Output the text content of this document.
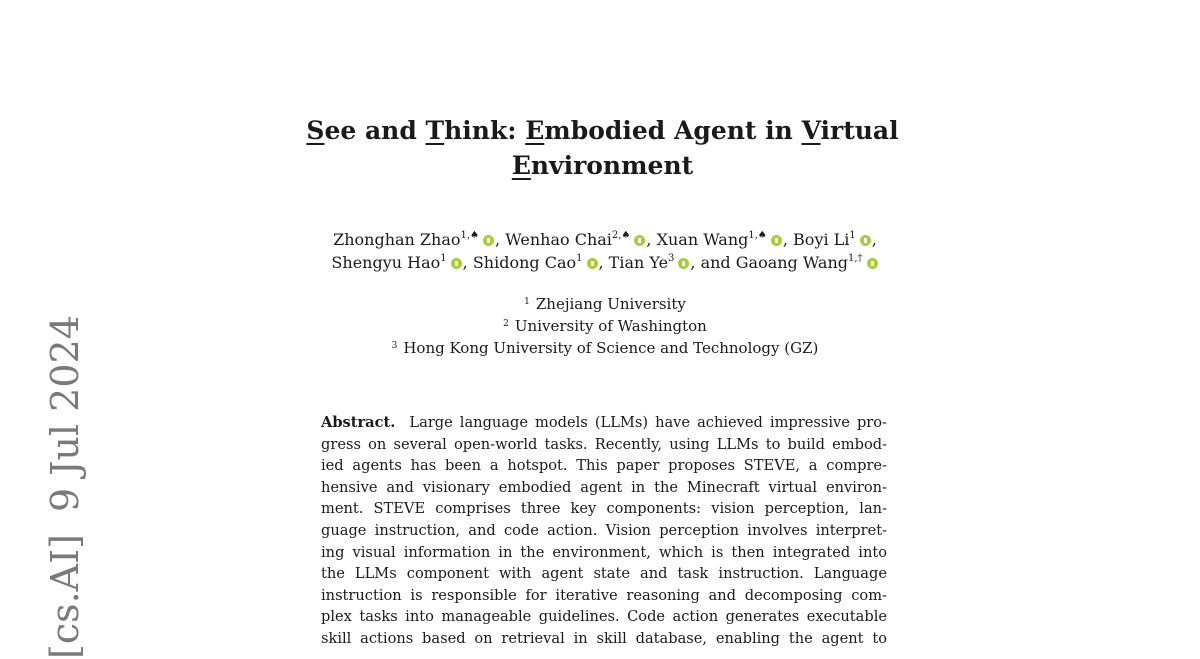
[cs.AI]9 Jul 2024
See and Think: Embodied Agent in Virtual
Environment
Zhonghan Zhao$^{1,♠}$ , Wenhao Chai$^{2,♠}$ , Xuan Wang$^{1,♠}$ , Boyi Li$^1$ ,
Shengyu Hao$^1$ , Shidong Cao$^1$ , Tian Ye$^3$ , and Gaoang Wang$^{1,\dagger}$
$^1$ Zhejiang University
$^2$ University of Washington
$^3$ Hong Kong University of Science and Technology (GZ)
Abstract. Large language models (LLMs) have achieved impressive pro-
gress on several open-world tasks. Recently, using LLMs to build embod-
ied agents has been a hotspot. This paper proposes STEVE, a compre-
hensive and visionary embodied agent in the Minecraft virtual environ-
ment. STEVE comprises three key components: vision perception, lan-
guage instruction, and code action. Vision perception involves interpret-
ing visual information in the environment, which is then integrated into
the LLMs component with agent state and task instruction. Language
instruction is responsible for iterative reasoning and decomposing com-
plex tasks into manageable guidelines. Code action generates executable
skill actions based on retrieval in skill database, enabling the agent to
